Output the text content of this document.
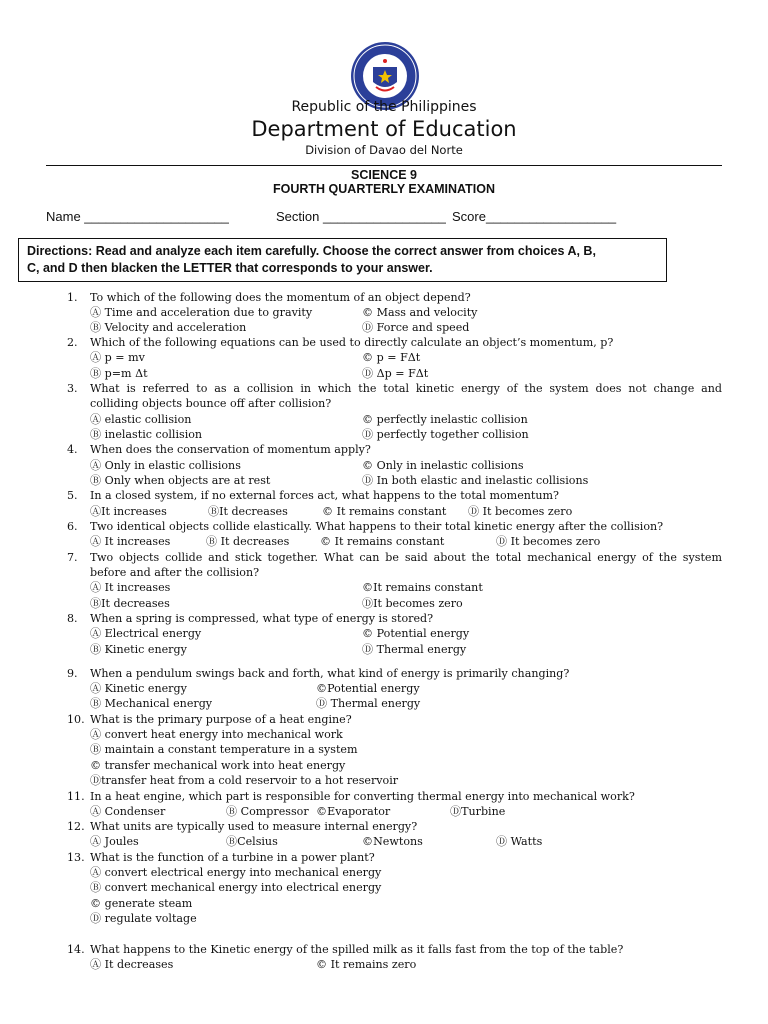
Republic of the Philippines
Department of Education
Division of Davao del Norte
SCIENCE 9
FOURTH QUARTERLY EXAMINATION
Name ____________________	Section _________________ Score__________________
Directions: Read and analyze each item carefully. Choose the correct answer from choices A, B,
C, and D then blacken the LETTER that corresponds to your answer.
1. To which of the following does the momentum of an object depend?
Ⓐ Time and acceleration due to gravity	© Mass and velocity
Ⓑ Velocity and acceleration	Ⓓ Force and speed
2. Which of the following equations can be used to directly calculate an object’s momentum, p?
Ⓐ p = mv	© p = FΔt
Ⓑ p=m Δt	Ⓓ Δp = FΔt
3. What is referred to as a collision in which the total kinetic energy of the system does not change and
colliding objects bounce off after collision?
Ⓐ elastic collision	© perfectly inelastic collision
Ⓑ inelastic collision	Ⓓ perfectly together collision
4. When does the conservation of momentum apply?
Ⓐ Only in elastic collisions	© Only in inelastic collisions
Ⓑ Only when objects are at rest	Ⓓ In both elastic and inelastic collisions
5. In a closed system, if no external forces act, what happens to the total momentum?
ⒶIt increases	ⒷIt decreases	© It remains constant Ⓓ It becomes zero
6. Two identical objects collide elastically. What happens to their total kinetic energy after the collision?
Ⓐ It increases	Ⓑ It decreases	© It remains constant	Ⓓ It becomes zero
7. Two objects collide and stick together. What can be said about the total mechanical energy of the system
before and after the collision?
Ⓐ It increases	©It remains constant
ⒷIt decreases	ⒹIt becomes zero
8. When a spring is compressed, what type of energy is stored?
Ⓐ Electrical energy	© Potential energy
Ⓑ Kinetic energy	Ⓓ Thermal energy
9. When a pendulum swings back and forth, what kind of energy is primarily changing?
Ⓐ Kinetic energy	©Potential energy
Ⓑ Mechanical energy	Ⓓ Thermal energy
10. What is the primary purpose of a heat engine?
Ⓐ convert heat energy into mechanical work
Ⓑ maintain a constant temperature in a system
© transfer mechanical work into heat energy
Ⓓtransfer heat from a cold reservoir to a hot reservoir
11. In a heat engine, which part is responsible for converting thermal energy into mechanical work?
Ⓐ Condenser	Ⓑ Compressor ©Evaporator	ⒹTurbine
12. What units are typically used to measure internal energy?
Ⓐ Joules	ⒷCelsius	©Newtons	Ⓓ Watts
13. What is the function of a turbine in a power plant?
Ⓐ convert electrical energy into mechanical energy
Ⓑ convert mechanical energy into electrical energy
© generate steam
Ⓓ regulate voltage
14. What happens to the Kinetic energy of the spilled milk as it falls fast from the top of the table?
Ⓐ It decreases	© It remains zero
